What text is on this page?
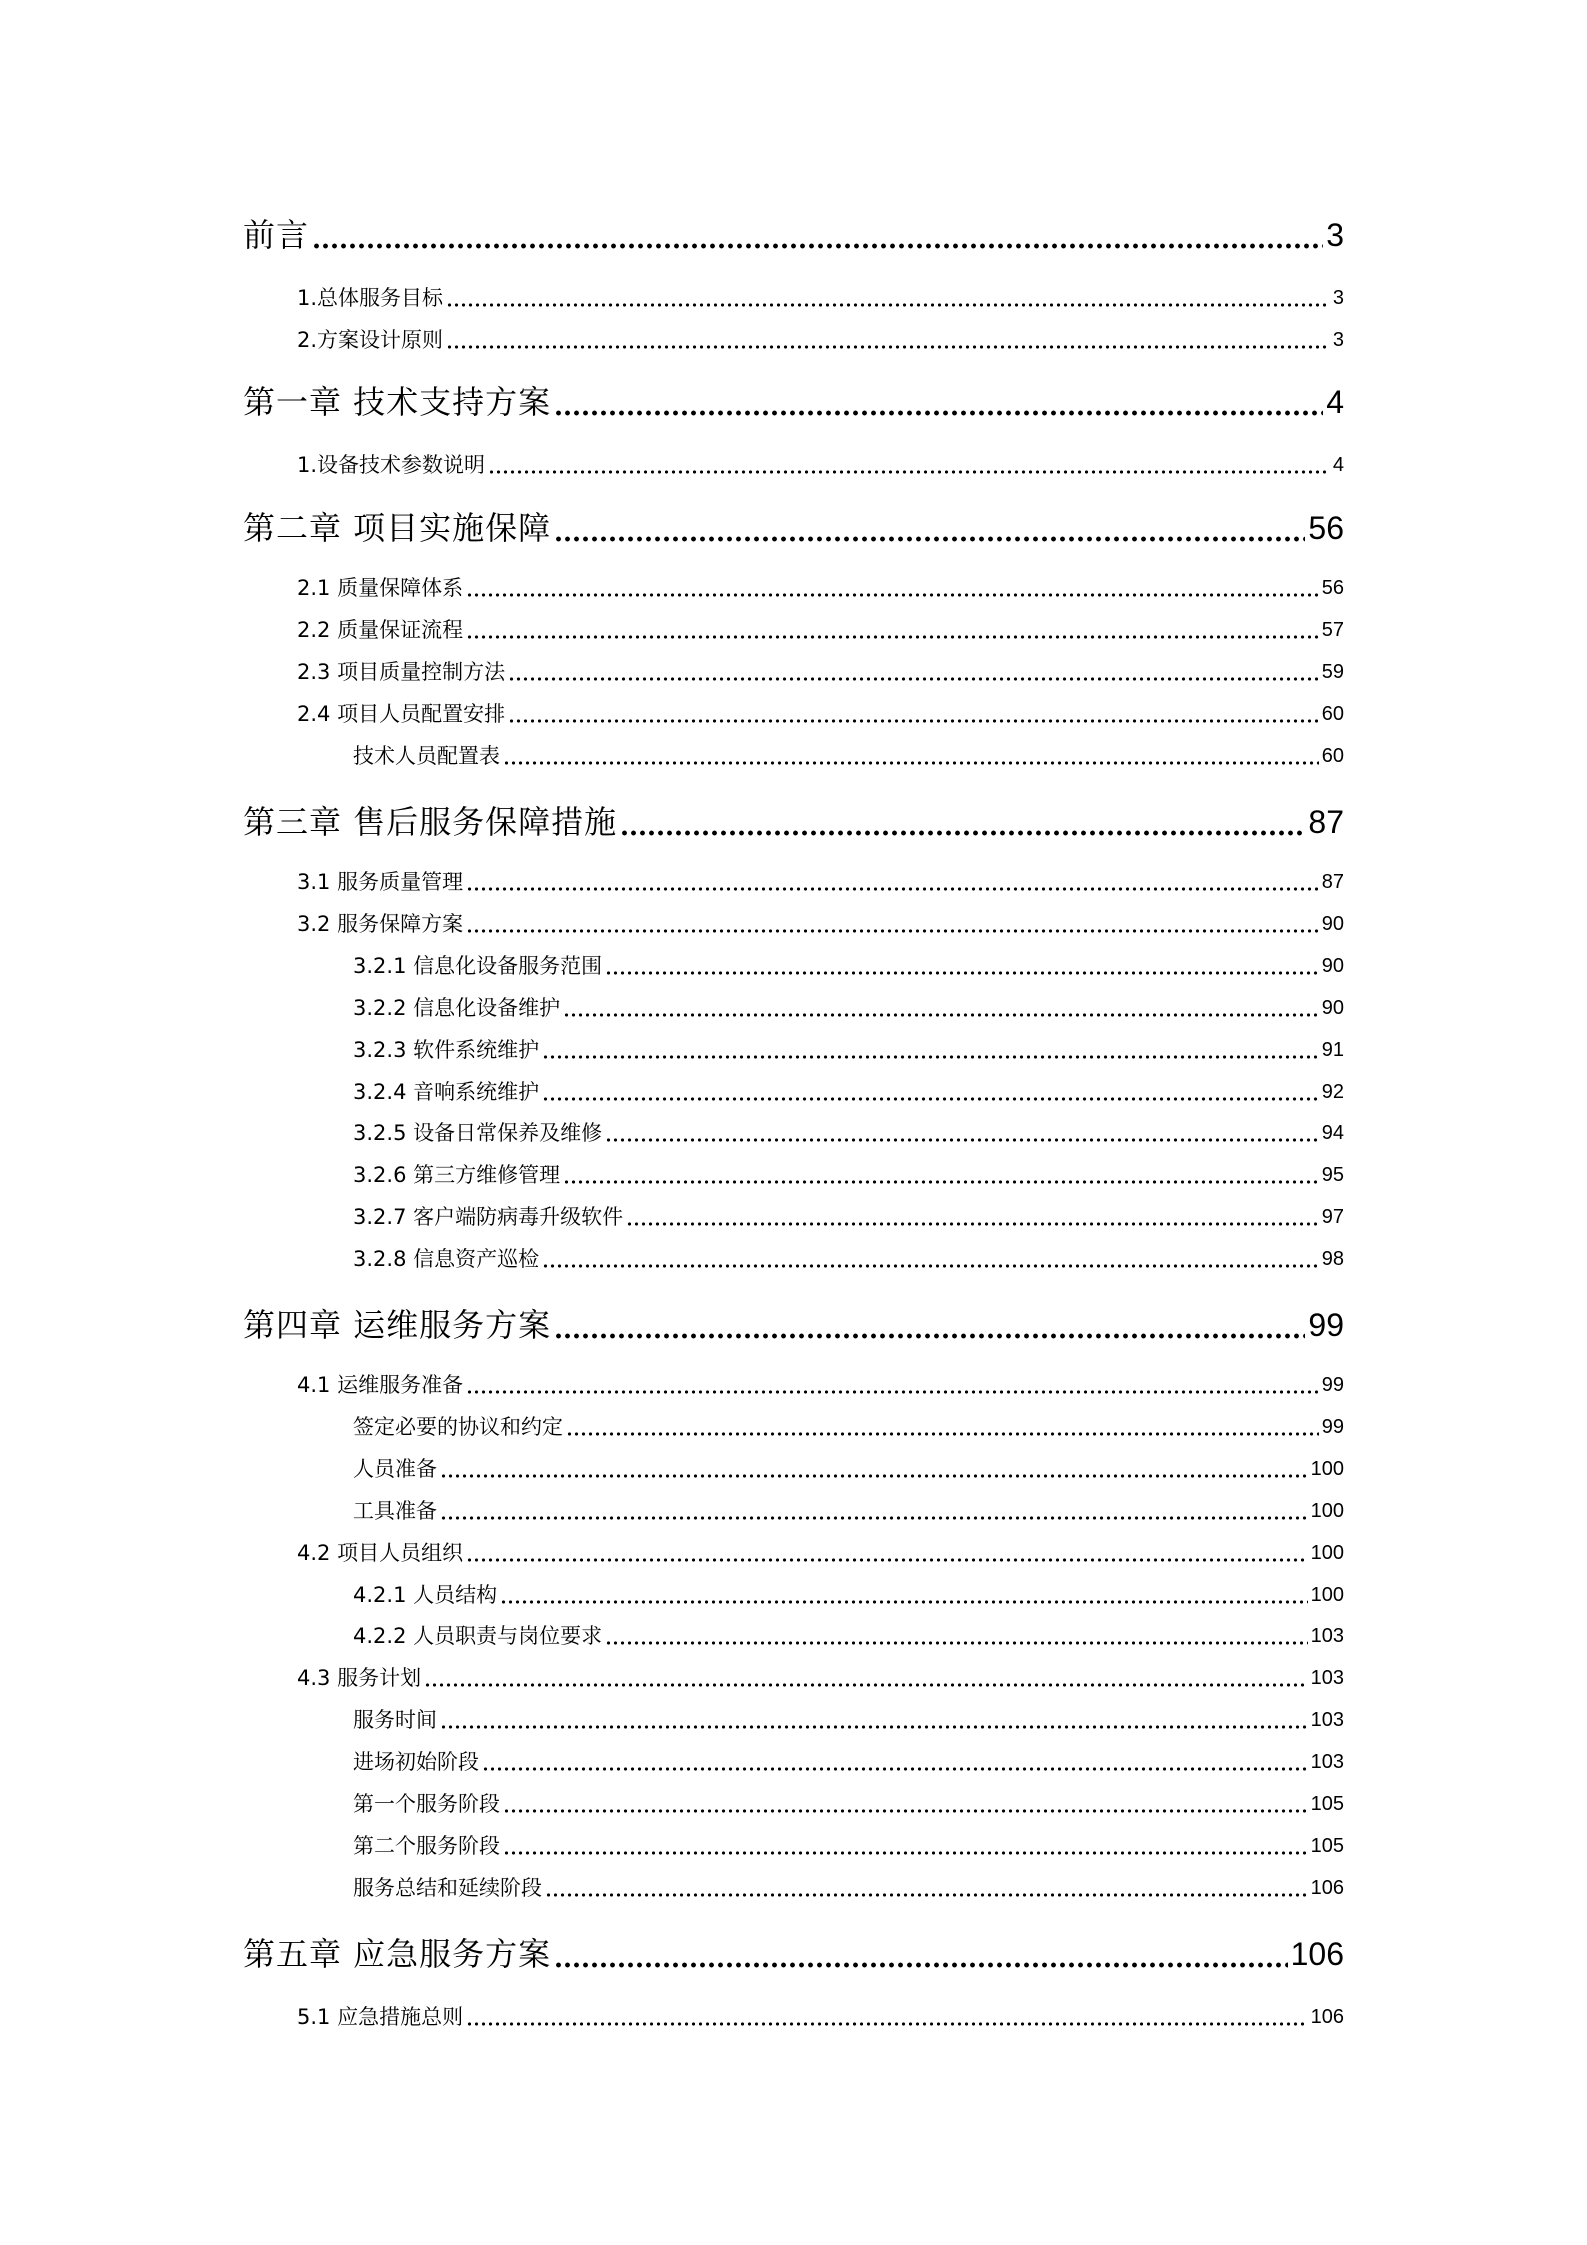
前言	3
1.总体服务目标	3
2.方案设计原则	3
第一章 技术支持方案	4
1.设备技术参数说明	4
第二章 项目实施保障	56
2.1 质量保障体系	56
2.2 质量保证流程	57
2.3 项目质量控制方法	59
2.4 项目人员配置安排	60
技术人员配置表	60
第三章 售后服务保障措施	87
3.1 服务质量管理	87
3.2 服务保障方案	90
3.2.1 信息化设备服务范围	90
3.2.2 信息化设备维护	90
3.2.3 软件系统维护	91
3.2.4 音响系统维护	92
3.2.5 设备日常保养及维修	94
3.2.6 第三方维修管理	95
3.2.7 客户端防病毒升级软件	97
3.2.8 信息资产巡检	98
第四章 运维服务方案	99
4.1 运维服务准备	99
签定必要的协议和约定	99
人员准备	100
工具准备	100
4.2 项目人员组织	100
4.2.1 人员结构	100
4.2.2 人员职责与岗位要求	103
4.3 服务计划	103
服务时间	103
进场初始阶段	103
第一个服务阶段	105
第二个服务阶段	105
服务总结和延续阶段	106
第五章 应急服务方案	106
5.1 应急措施总则	106
